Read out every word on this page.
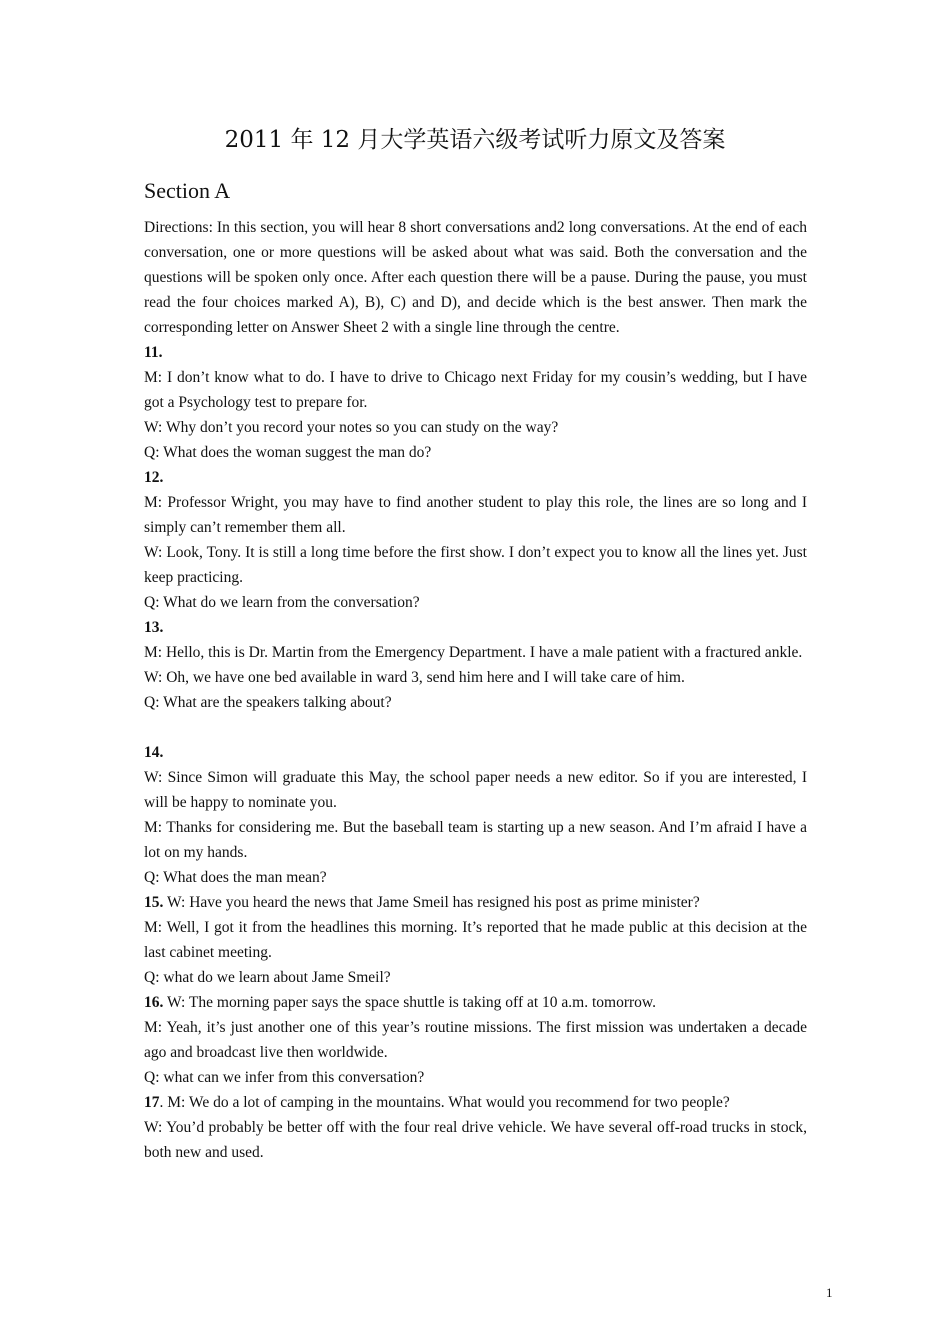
2011 年 12 月大学英语六级考试听力原文及答案
Section A

Directions: In this section, you will hear 8 short conversations and2 long conversations. At the end of each conversation, one or more questions will be asked about what was said. Both the conversation and the questions will be spoken only once. After each question there will be a pause. During the pause, you must read the four choices marked A), B), C) and D), and decide which is the best answer. Then mark the corresponding letter on Answer Sheet 2 with a single line through the centre.

11.

M: I don’t know what to do. I have to drive to Chicago next Friday for my cousin’s wedding, but I have got a Psychology test to prepare for.

W: Why don’t you record your notes so you can study on the way?

Q: What does the woman suggest the man do?

12.

M: Professor Wright, you may have to find another student to play this role, the lines are so long and I simply can’t remember them all.

W: Look, Tony. It is still a long time before the first show. I don’t expect you to know all the lines yet. Just keep practicing.

Q: What do we learn from the conversation?

13.

M: Hello, this is Dr. Martin from the Emergency Department. I have a male patient with a fractured ankle.

W: Oh, we have one bed available in ward 3, send him here and I will take care of him.

Q: What are the speakers talking about?

14.

W: Since Simon will graduate this May, the school paper needs a new editor. So if you are interested, I will be happy to nominate you.

M: Thanks for considering me. But the baseball team is starting up a new season. And I’m afraid I have a lot on my hands.

Q: What does the man mean?

15. W: Have you heard the news that Jame Smeil has resigned his post as prime minister?

M: Well, I got it from the headlines this morning. It’s reported that he made public at this decision at the last cabinet meeting.

Q: what do we learn about Jame Smeil?

16. W: The morning paper says the space shuttle is taking off at 10 a.m. tomorrow.

M: Yeah, it’s just another one of this year’s routine missions. The first mission was undertaken a decade ago and broadcast live then worldwide.

Q: what can we infer from this conversation?

17. M: We do a lot of camping in the mountains. What would you recommend for two people?

W: You’d probably be better off with the four real drive vehicle. We have several off-road trucks in stock, both new and used.

1
